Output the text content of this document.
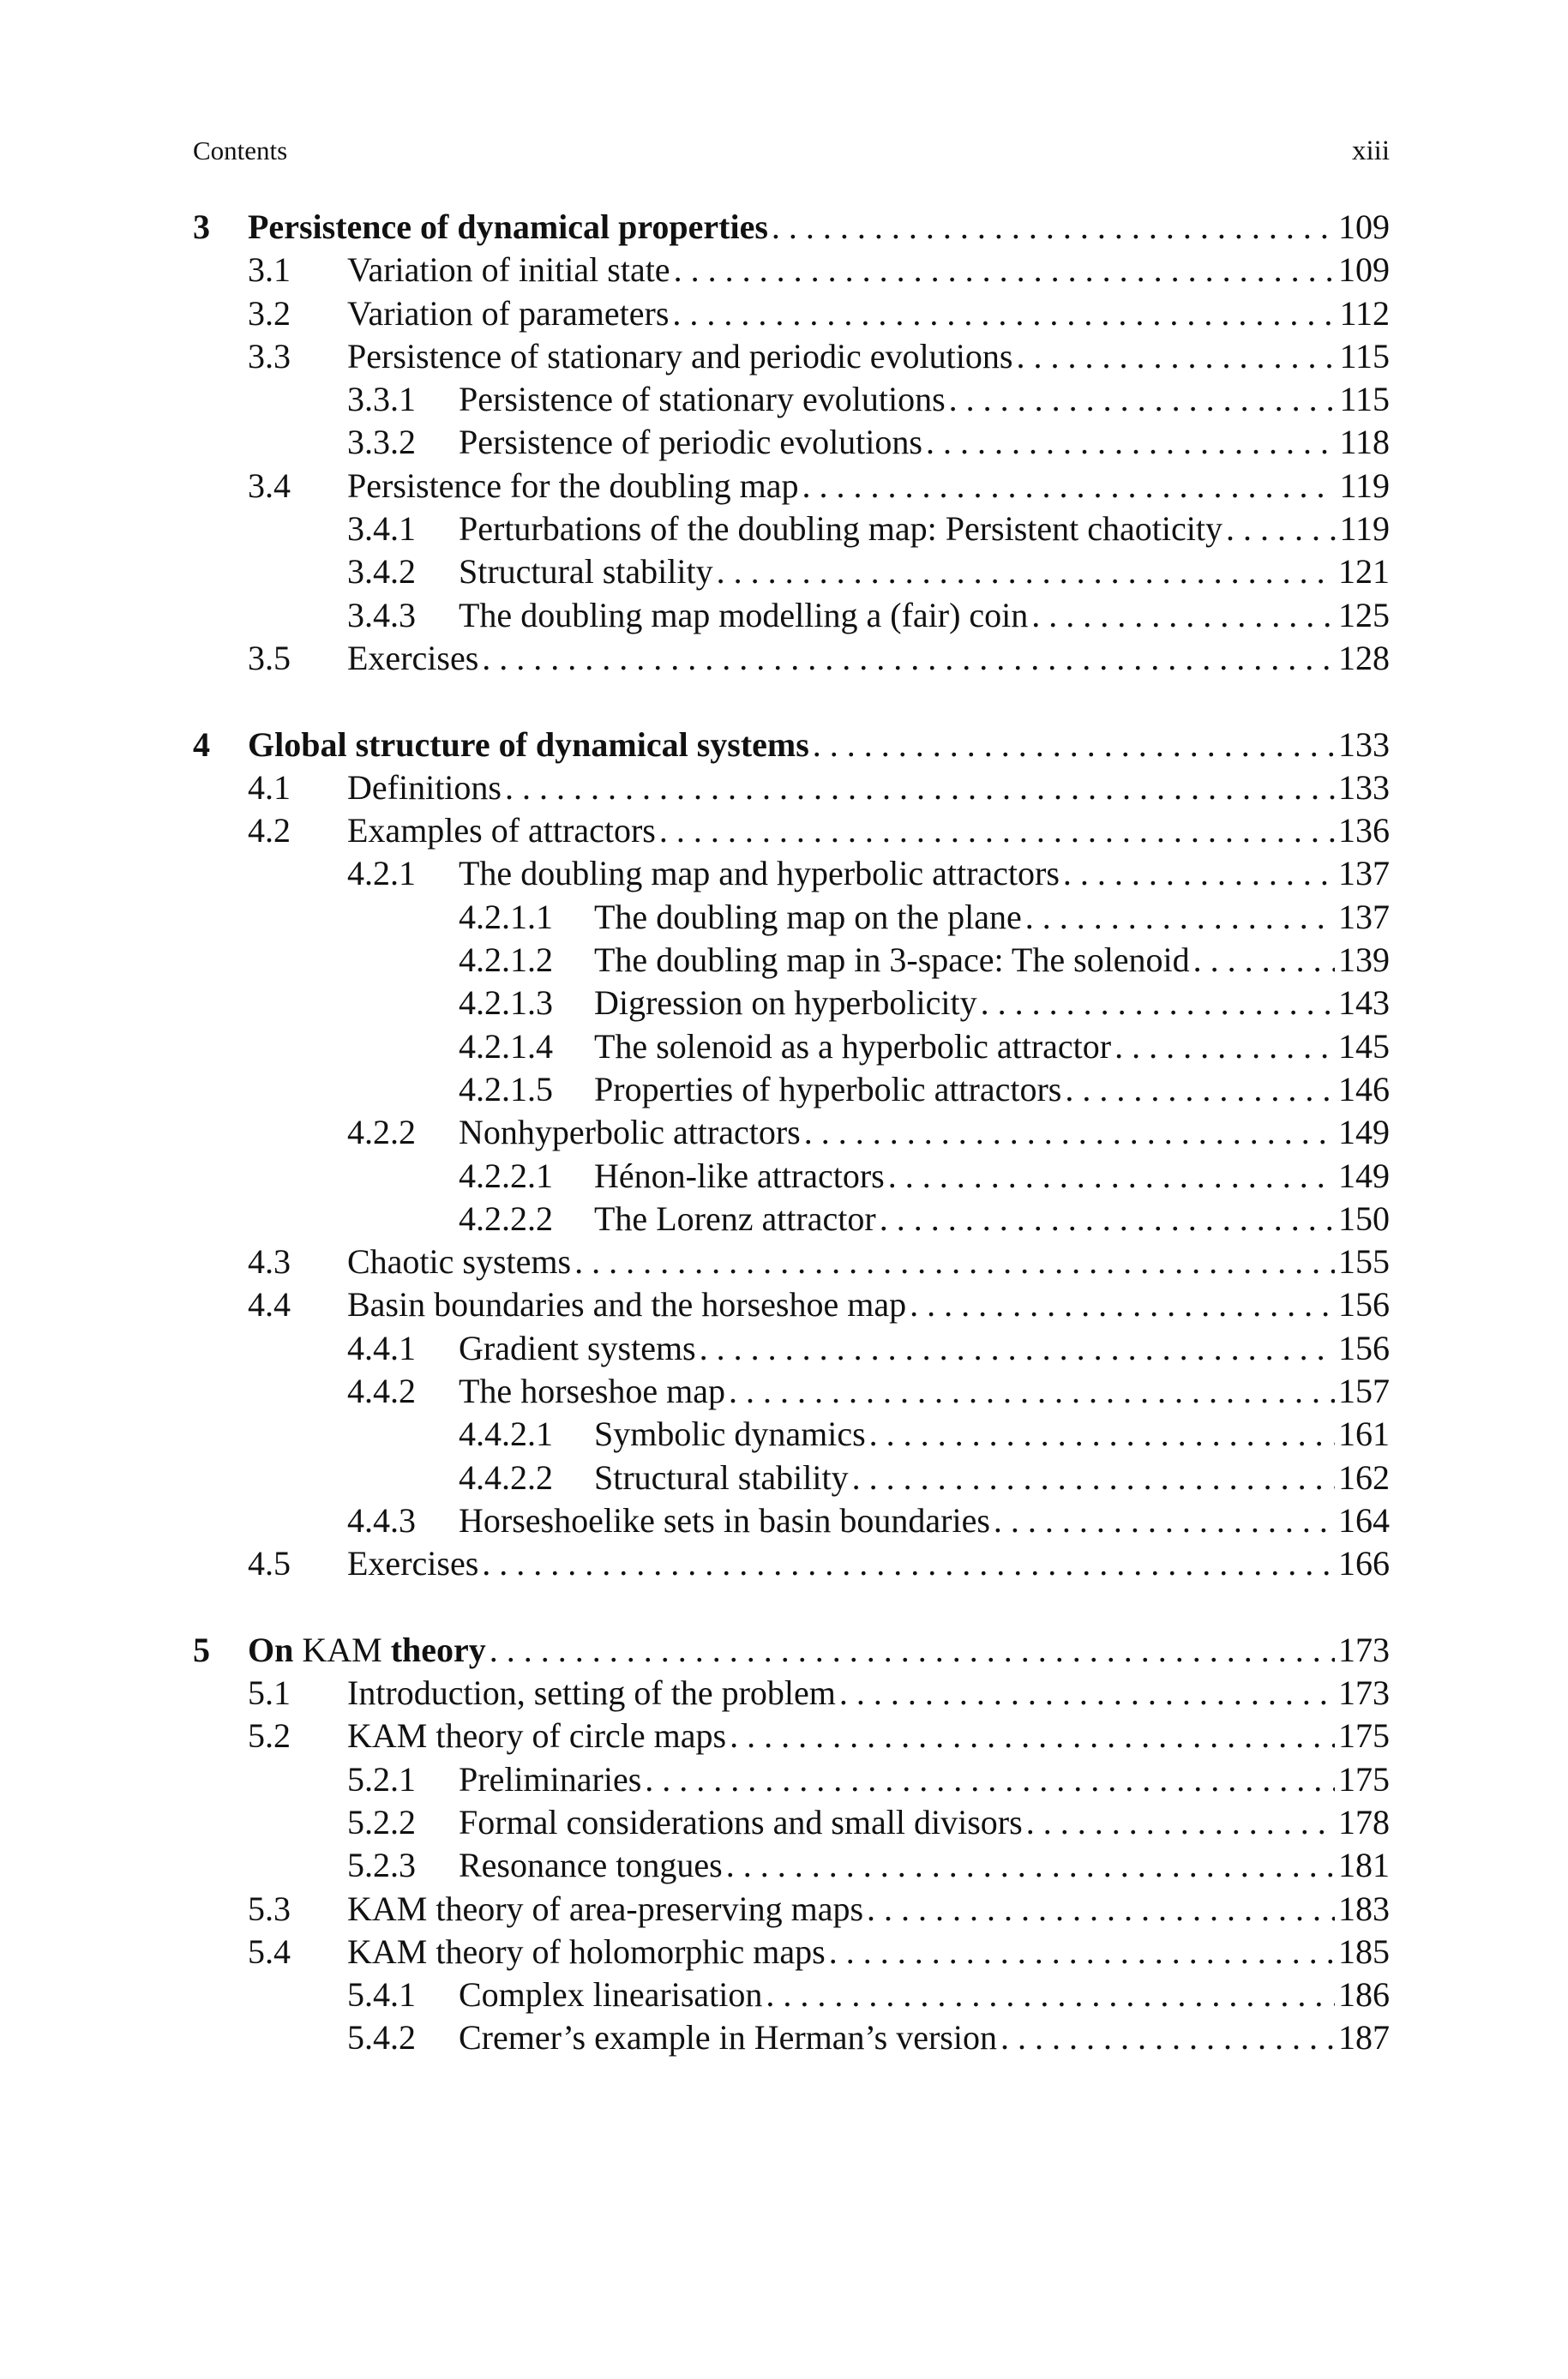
Contents	xiii
3 Persistence of dynamical properties . . .	109
3.1 Variation of initial state . . .	109
3.2 Variation of parameters . . .	112
3.3 Persistence of stationary and periodic evolutions . . .	115
3.3.1 Persistence of stationary evolutions . . .	115
3.3.2 Persistence of periodic evolutions . . .	118
3.4 Persistence for the doubling map . . .	119
3.4.1 Perturbations of the doubling map: Persistent chaoticity . . .	119
3.4.2 Structural stability . . .	121
3.4.3 The doubling map modelling a (fair) coin . . .	125
3.5 Exercises . . .	128
4 Global structure of dynamical systems . . .	133
4.1 Definitions . . .	133
4.2 Examples of attractors . . .	136
4.2.1 The doubling map and hyperbolic attractors . . .	137
4.2.1.1 The doubling map on the plane . . .	137
4.2.1.2 The doubling map in 3-space: The solenoid . . .	139
4.2.1.3 Digression on hyperbolicity . . .	143
4.2.1.4 The solenoid as a hyperbolic attractor . . .	145
4.2.1.5 Properties of hyperbolic attractors . . .	146
4.2.2 Nonhyperbolic attractors . . .	149
4.2.2.1 Hénon-like attractors . . .	149
4.2.2.2 The Lorenz attractor . . .	150
4.3 Chaotic systems . . .	155
4.4 Basin boundaries and the horseshoe map . . .	156
4.4.1 Gradient systems . . .	156
4.4.2 The horseshoe map . . .	157
4.4.2.1 Symbolic dynamics . . .	161
4.4.2.2 Structural stability . . .	162
4.4.3 Horseshoelike sets in basin boundaries . . .	164
4.5 Exercises . . .	166
5 On KAM theory . . .	173
5.1 Introduction, setting of the problem . . .	173
5.2 KAM theory of circle maps . . .	175
5.2.1 Preliminaries . . .	175
5.2.2 Formal considerations and small divisors . . .	178
5.2.3 Resonance tongues . . .	181
5.3 KAM theory of area-preserving maps . . .	183
5.4 KAM theory of holomorphic maps . . .	185
5.4.1 Complex linearisation . . .	186
5.4.2 Cremer’s example in Herman’s version . . .	187
